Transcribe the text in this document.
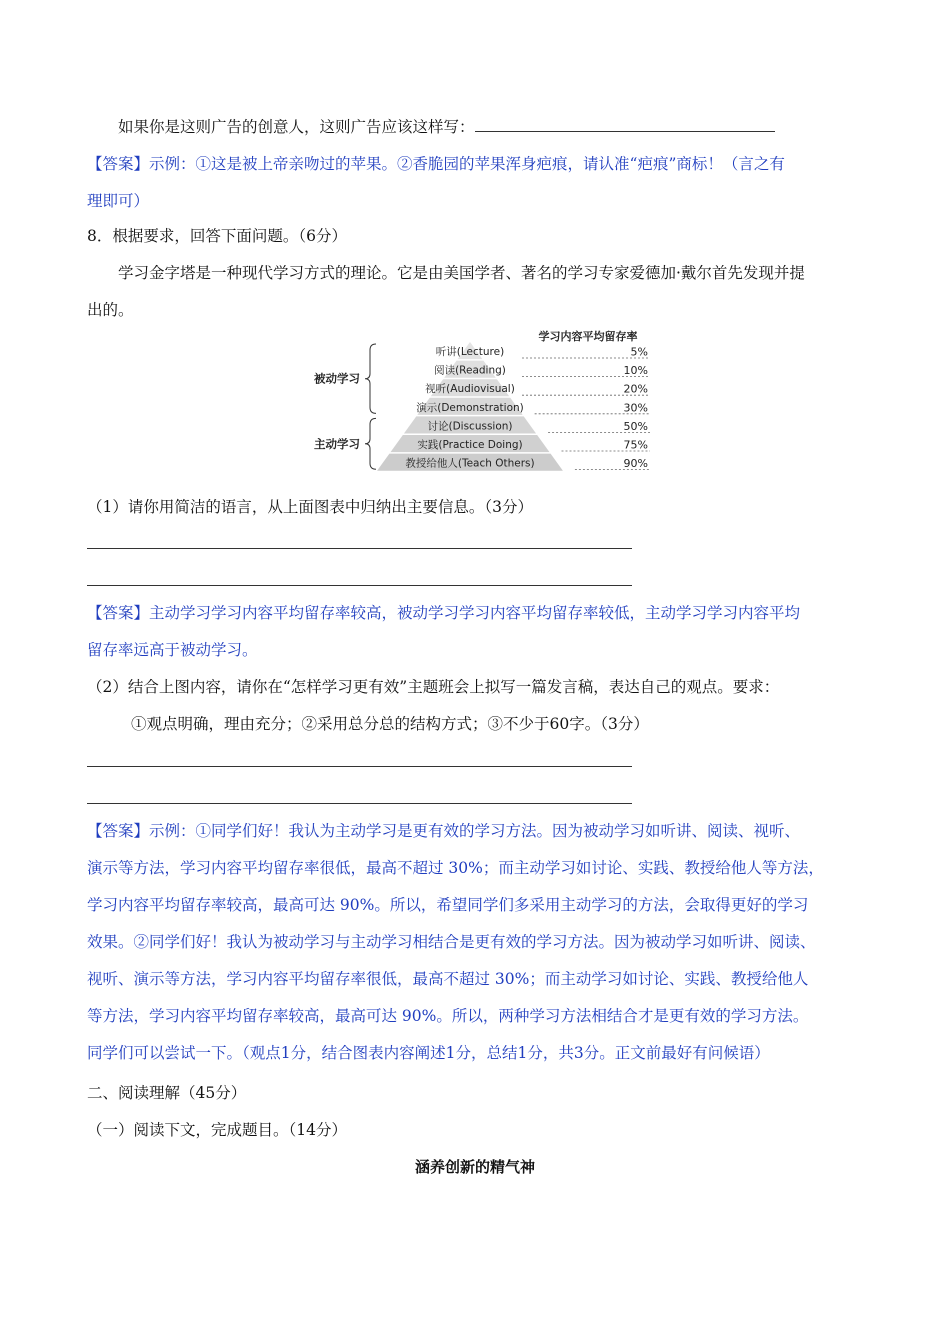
如果你是这则广告的创意人，这则广告应该这样写：
【答案】示例：①这是被上帝亲吻过的苹果。②香脆园的苹果浑身疤痕，请认准“疤痕”商标！（言之有
理即可）
8．根据要求，回答下面问题。（6分）
学习金字塔是一种现代学习方式的理论。它是由美国学者、著名的学习专家爱德加·戴尔首先发现并提
出的。
学习内容平均留存率
听讲(Lecture)
阅读(Reading)
视听(Audiovisual)
演示(Demonstration)
讨论(Discussion)
实践(Practice Doing)
教授给他人(Teach Others)
5%
10%
20%
30%
50%
75%
90%
被动学习
主动学习
（1）请你用简洁的语言，从上面图表中归纳出主要信息。（3分）
【答案】主动学习学习内容平均留存率较高，被动学习学习内容平均留存率较低，主动学习学习内容平均
留存率远高于被动学习。
（2）结合上图内容，请你在“怎样学习更有效”主题班会上拟写一篇发言稿，表达自己的观点。要求：
①观点明确，理由充分；②采用总分总的结构方式；③不少于60字。（3分）
【答案】示例：①同学们好！我认为主动学习是更有效的学习方法。因为被动学习如听讲、阅读、视听、
演示等方法，学习内容平均留存率很低，最高不超过 30%；而主动学习如讨论、实践、教授给他人等方法，
学习内容平均留存率较高，最高可达 90%。所以，希望同学们多采用主动学习的方法，会取得更好的学习
效果。②同学们好！我认为被动学习与主动学习相结合是更有效的学习方法。因为被动学习如听讲、阅读、
视听、演示等方法，学习内容平均留存率很低，最高不超过 30%；而主动学习如讨论、实践、教授给他人
等方法，学习内容平均留存率较高，最高可达 90%。所以，两种学习方法相结合才是更有效的学习方法。
同学们可以尝试一下。（观点1分，结合图表内容阐述1分，总结1分，共3分。正文前最好有问候语）
二、阅读理解（45分）
（一）阅读下文，完成题目。（14分）
涵养创新的精气神
